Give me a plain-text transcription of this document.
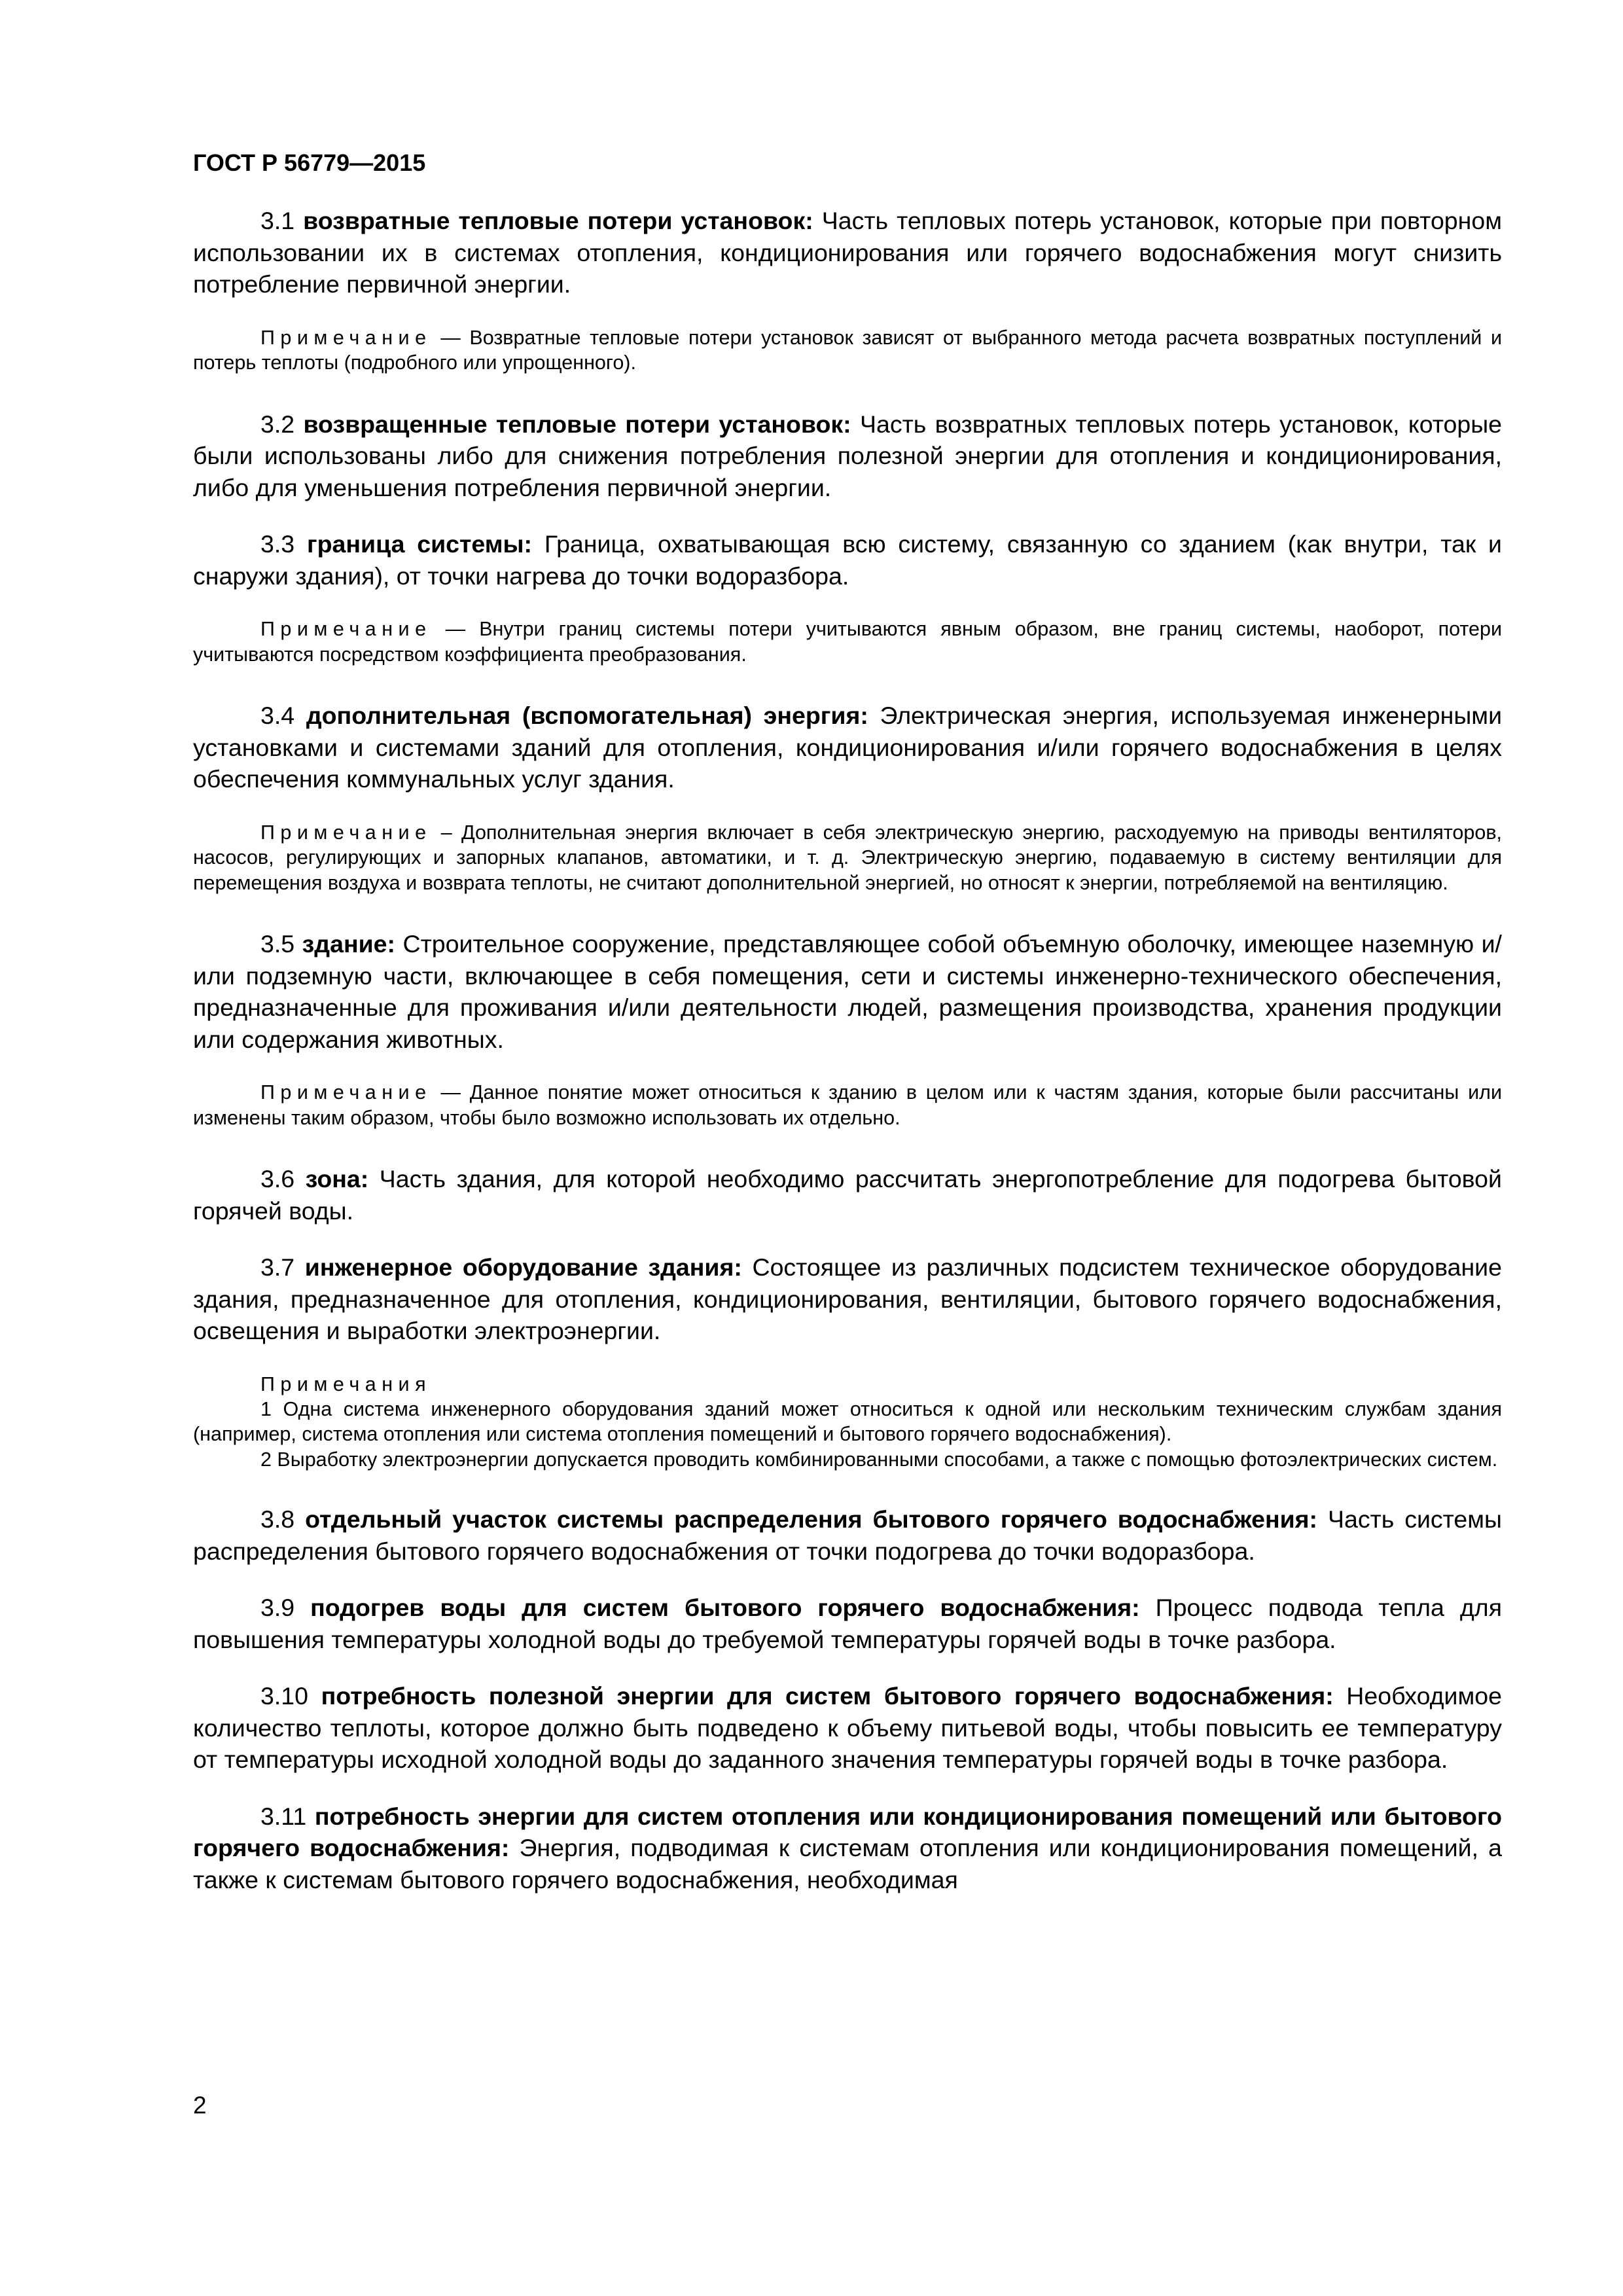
ГОСТ Р 56779—2015

3.1 возвратные тепловые потери установок: Часть тепловых потерь установок, которые при повторном использовании их в системах отопления, кондиционирования или горячего водоснабжения могут снизить потребление первичной энергии.

Примечание — Возвратные тепловые потери установок зависят от выбранного метода расчета возвратных поступлений и потерь теплоты (подробного или упрощенного).

3.2 возвращенные тепловые потери установок: Часть возвратных тепловых потерь установок, которые были использованы либо для снижения потребления полезной энергии для отопления и кондиционирования, либо для уменьшения потребления первичной энергии.

3.3 граница системы: Граница, охватывающая всю систему, связанную со зданием (как внутри, так и снаружи здания), от точки нагрева до точки водоразбора.

Примечание — Внутри границ системы потери учитываются явным образом, вне границ системы, наоборот, потери учитываются посредством коэффициента преобразования.

3.4 дополнительная (вспомогательная) энергия: Электрическая энергия, используемая инженерными установками и системами зданий для отопления, кондиционирования и/или горячего водоснабжения в целях обеспечения коммунальных услуг здания.

Примечание – Дополнительная энергия включает в себя электрическую энергию, расходуемую на приводы вентиляторов, насосов, регулирующих и запорных клапанов, автоматики, и т. д. Электрическую энергию, подаваемую в систему вентиляции для перемещения воздуха и возврата теплоты, не считают дополнительной энергией, но относят к энергии, потребляемой на вентиляцию.

3.5 здание: Строительное сооружение, представляющее собой объемную оболочку, имеющее наземную и/или подземную части, включающее в себя помещения, сети и системы инженерно-технического обеспечения, предназначенные для проживания и/или деятельности людей, размещения производства, хранения продукции или содержания животных.

Примечание — Данное понятие может относиться к зданию в целом или к частям здания, которые были рассчитаны или изменены таким образом, чтобы было возможно использовать их отдельно.

3.6 зона: Часть здания, для которой необходимо рассчитать энергопотребление для подогрева бытовой горячей воды.

3.7 инженерное оборудование здания: Состоящее из различных подсистем техническое оборудование здания, предназначенное для отопления, кондиционирования, вентиляции, бытового горячего водоснабжения, освещения и выработки электроэнергии.

Примечания

1 Одна система инженерного оборудования зданий может относиться к одной или нескольким техническим службам здания (например, система отопления или система отопления помещений и бытового горячего водоснабжения).

2 Выработку электроэнергии допускается проводить комбинированными способами, а также с помощью фотоэлектрических систем.

3.8 отдельный участок системы распределения бытового горячего водоснабжения: Часть системы распределения бытового горячего водоснабжения от точки подогрева до точки водоразбора.

3.9 подогрев воды для систем бытового горячего водоснабжения: Процесс подвода тепла для повышения температуры холодной воды до требуемой температуры горячей воды в точке разбора.

3.10 потребность полезной энергии для систем бытового горячего водоснабжения: Необходимое количество теплоты, которое должно быть подведено к объему питьевой воды, чтобы повысить ее температуру от температуры исходной холодной воды до заданного значения температуры горячей воды в точке разбора.

3.11 потребность энергии для систем отопления или кондиционирования помещений или бытового горячего водоснабжения: Энергия, подводимая к системам отопления или кондиционирования помещений, а также к системам бытового горячего водоснабжения, необходимая

2
